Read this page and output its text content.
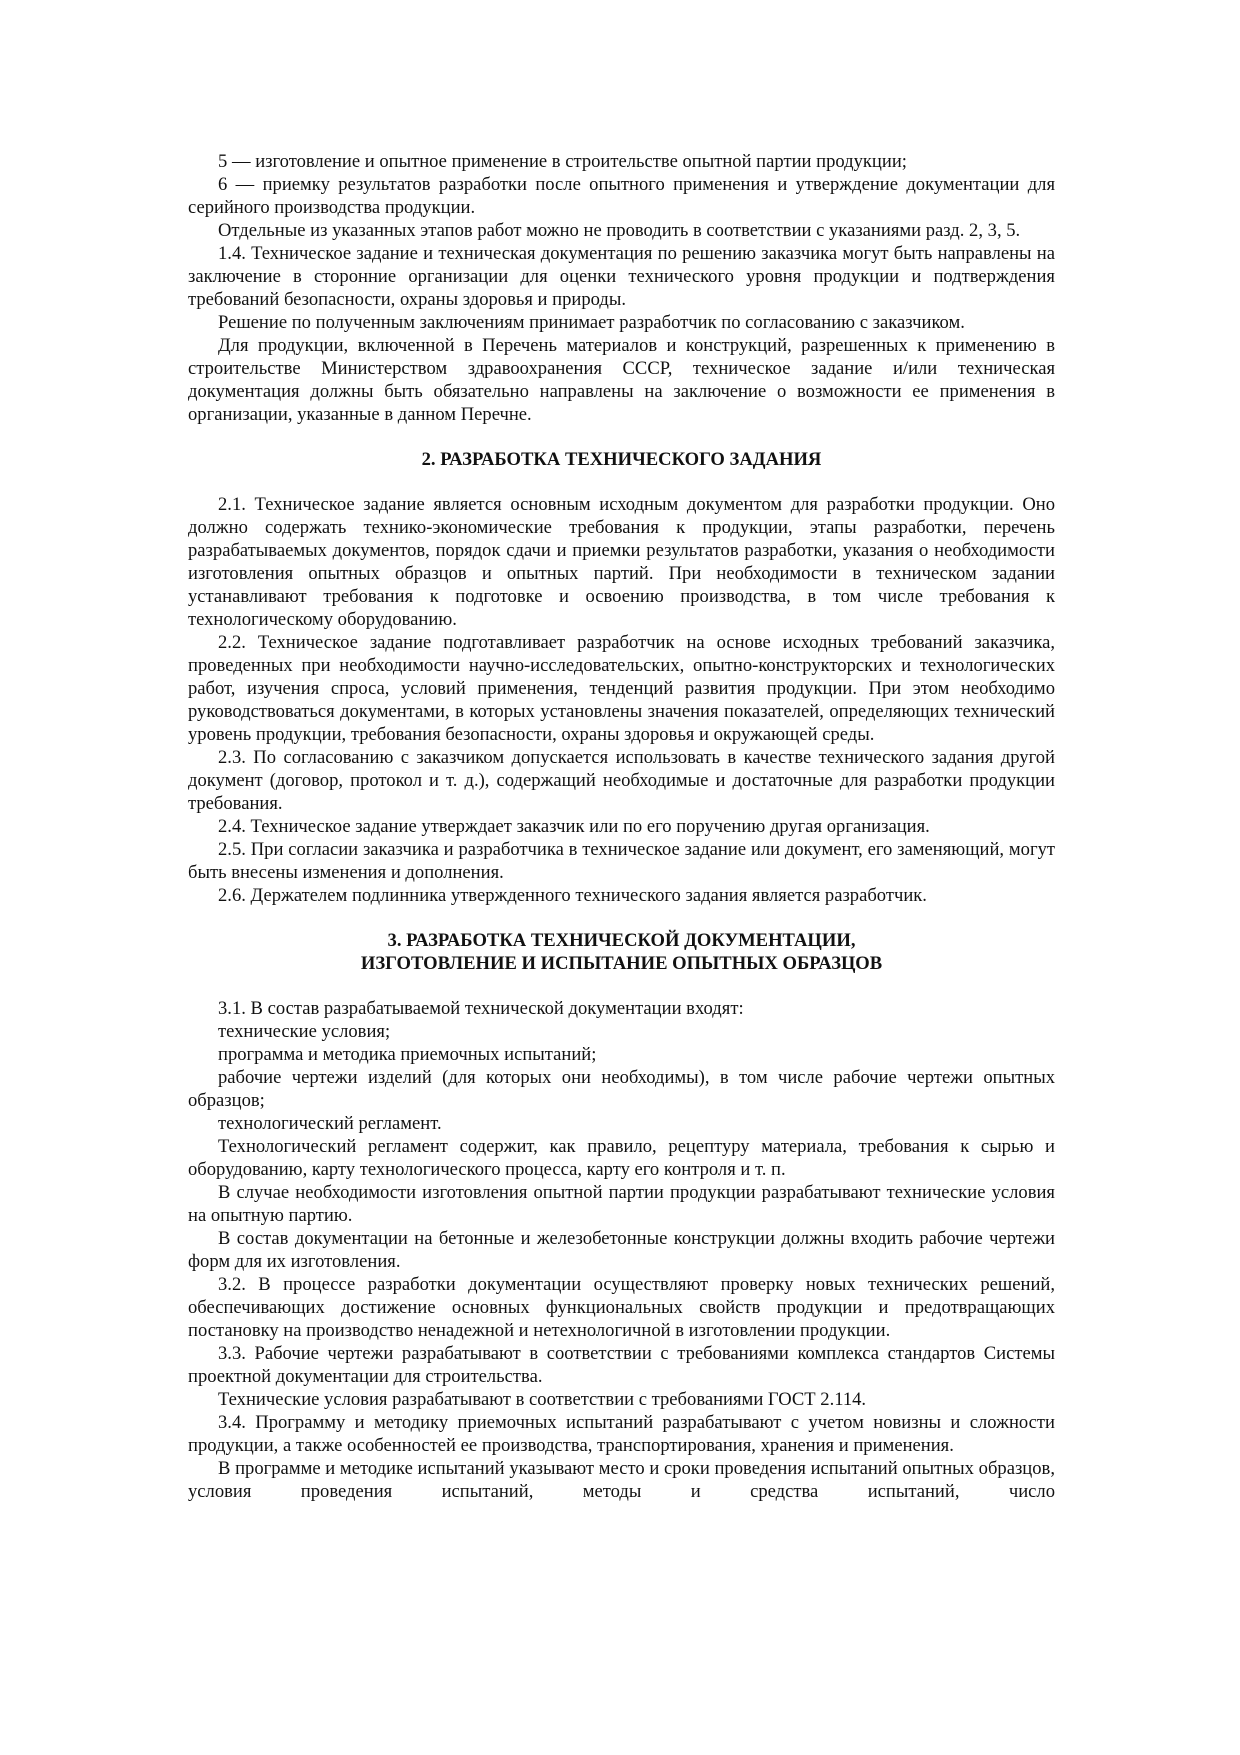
5 — изготовление и опытное применение в строительстве опытной партии продукции;

6 — приемку результатов разработки после опытного применения и утверждение документации для серийного производства продукции.

Отдельные из указанных этапов работ можно не проводить в соответствии с указаниями разд. 2, 3, 5.

1.4. Техническое задание и техническая документация по решению заказчика могут быть направлены на заключение в сторонние организации для оценки технического уровня продукции и подтверждения требований безопасности, охраны здоровья и природы.

Решение по полученным заключениям принимает разработчик по согласованию с заказчиком.

Для продукции, включенной в Перечень материалов и конструкций, разрешенных к применению в строительстве Министерством здравоохранения СССР, техническое задание и/или техническая документация должны быть обязательно направлены на заключение о возможности ее применения в организации, указанные в данном Перечне.

2. РАЗРАБОТКА ТЕХНИЧЕСКОГО ЗАДАНИЯ

2.1. Техническое задание является основным исходным документом для разработки продукции. Оно должно содержать технико-экономические требования к продукции, этапы разработки, перечень разрабатываемых документов, порядок сдачи и приемки результатов разработки, указания о необходимости изготовления опытных образцов и опытных партий. При необходимости в техническом задании устанавливают требования к подготовке и освоению производства, в том числе требования к технологическому оборудованию.

2.2. Техническое задание подготавливает разработчик на основе исходных требований заказчика, проведенных при необходимости научно-исследовательских, опытно-конструкторских и технологических работ, изучения спроса, условий применения, тенденций развития продукции. При этом необходимо руководствоваться документами, в которых установлены значения показателей, определяющих технический уровень продукции, требования безопасности, охраны здоровья и окружающей среды.

2.3. По согласованию с заказчиком допускается использовать в качестве технического задания другой документ (договор, протокол и т. д.), содержащий необходимые и достаточные для разработки продукции требования.

2.4. Техническое задание утверждает заказчик или по его поручению другая организация.

2.5. При согласии заказчика и разработчика в техническое задание или документ, его заменяющий, могут быть внесены изменения и дополнения.

2.6. Держателем подлинника утвержденного технического задания является разработчик.

3. РАЗРАБОТКА ТЕХНИЧЕСКОЙ ДОКУМЕНТАЦИИ,
ИЗГОТОВЛЕНИЕ И ИСПЫТАНИЕ ОПЫТНЫХ ОБРАЗЦОВ

3.1. В состав разрабатываемой технической документации входят:

технические условия;

программа и методика приемочных испытаний;

рабочие чертежи изделий (для которых они необходимы), в том числе рабочие чертежи опытных образцов;

технологический регламент.

Технологический регламент содержит, как правило, рецептуру материала, требования к сырью и оборудованию, карту технологического процесса, карту его контроля и т. п.

В случае необходимости изготовления опытной партии продукции разрабатывают технические условия на опытную партию.

В состав документации на бетонные и железобетонные конструкции должны входить рабочие чертежи форм для их изготовления.

3.2. В процессе разработки документации осуществляют проверку новых технических решений, обеспечивающих достижение основных функциональных свойств продукции и предотвращающих постановку на производство ненадежной и нетехнологичной в изготовлении продукции.

3.3. Рабочие чертежи разрабатывают в соответствии с требованиями комплекса стандартов Системы проектной документации для строительства.

Технические условия разрабатывают в соответствии с требованиями ГОСТ 2.114.

3.4. Программу и методику приемочных испытаний разрабатывают с учетом новизны и сложности продукции, а также особенностей ее производства, транспортирования, хранения и применения.

В программе и методике испытаний указывают место и сроки проведения испытаний опытных образцов, условия проведения испытаний, методы и средства испытаний, число
